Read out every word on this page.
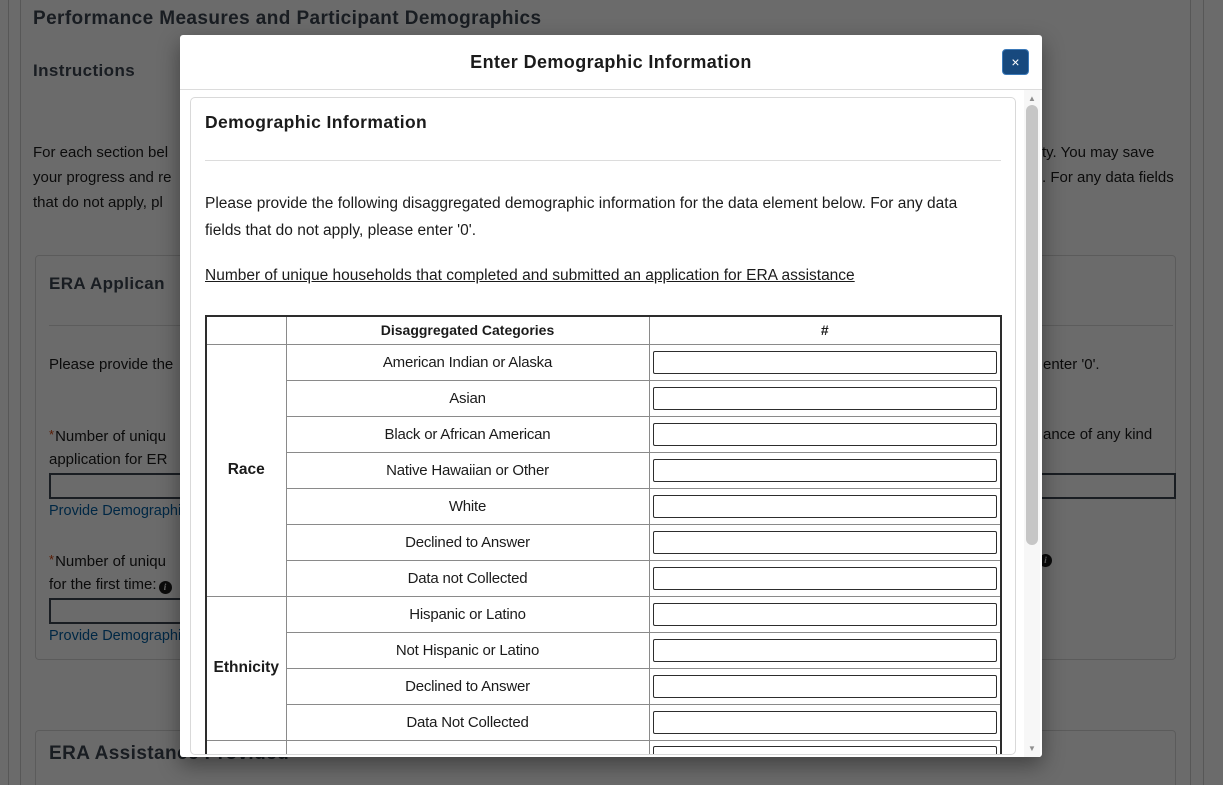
Enter Demographic Information	×
Demographic Information
Please provide the following disaggregated demographic information for the data element below. For any data fields that do not apply, please enter '0'.
Number of unique households that completed and submitted an application for ERA assistance
	Disaggregated Categories	#
Race	American Indian or Alaska	

	Asian	

	Black or African American	

	Native Hawaiian or Other	

	White	

	Declined to Answer	

	Data not Collected	

Ethnicity	Hispanic or Latino	

	Not Hispanic or Latino	

	Declined to Answer	

	Data Not Collected	

▲
▼
